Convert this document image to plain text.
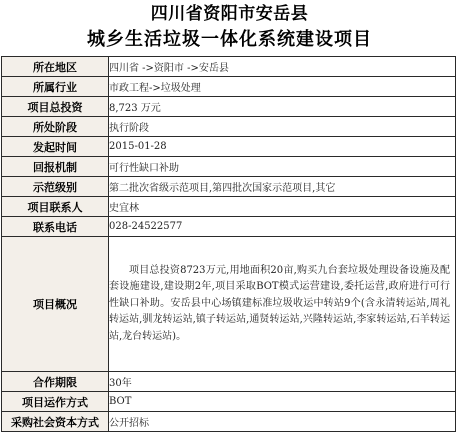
四川省资阳市安岳县
城乡生活垃圾一体化系统建设项目
所在地区	四川省 ->资阳市 ->安岳县
所属行业	市政工程->垃圾处理
项目总投资	8,723 万元
所处阶段	执行阶段
发起时间	2015-01-28
回报机制	可行性缺口补助
示范级别	第二批次省级示范项目,第四批次国家示范项目,其它
项目联系人	史宜林
联系电话	028-24522577
项目概况	项目总投资8723万元,用地面积20亩,购买九台套垃圾处理设备设施及配套设施建设,建设期2年,项目采取BOT模式运营建设,委托运营,政府进行可行性缺口补助。安岳县中心场镇建标准垃圾收运中转站9个(含永清转运站,周礼转运站,驯龙转运站,镇子转运站,通贤转运站,兴隆转运站,李家转运站,石羊转运站,龙台转运站)。
合作期限	30年
项目运作方式	BOT
采购社会资本方式	公开招标
